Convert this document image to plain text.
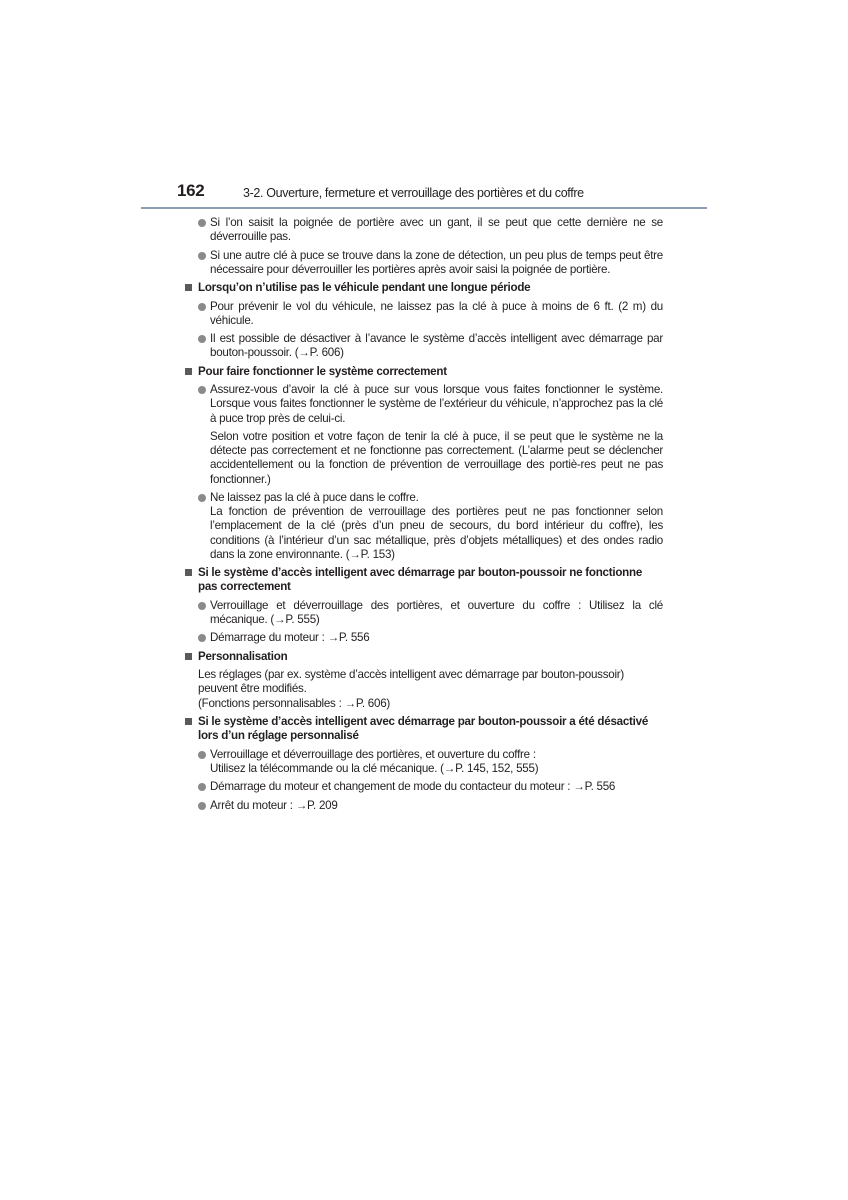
162	3-2. Ouverture, fermeture et verrouillage des portières et du coffre
Si l’on saisit la poignée de portière avec un gant, il se peut que cette dernière ne se déverrouille pas.
Si une autre clé à puce se trouve dans la zone de détection, un peu plus de temps peut être nécessaire pour déverrouiller les portières après avoir saisi la poignée de portière.
Lorsqu’on n’utilise pas le véhicule pendant une longue période
Pour prévenir le vol du véhicule, ne laissez pas la clé à puce à moins de 6 ft. (2 m) du véhicule.
Il est possible de désactiver à l’avance le système d’accès intelligent avec démarrage par bouton-poussoir. (→P. 606)
Pour faire fonctionner le système correctement
Assurez-vous d’avoir la clé à puce sur vous lorsque vous faites fonctionner le système. Lorsque vous faites fonctionner le système de l’extérieur du véhicule, n’approchez pas la clé à puce trop près de celui-ci.
Selon votre position et votre façon de tenir la clé à puce, il se peut que le système ne la détecte pas correctement et ne fonctionne pas correctement. (L’alarme peut se déclencher accidentellement ou la fonction de prévention de verrouillage des portiè-res peut ne pas fonctionner.)
Ne laissez pas la clé à puce dans le coffre.
La fonction de prévention de verrouillage des portières peut ne pas fonctionner selon l’emplacement de la clé (près d’un pneu de secours, du bord intérieur du coffre), les conditions (à l’intérieur d’un sac métallique, près d’objets métalliques) et des ondes radio dans la zone environnante. (→P. 153)
Si le système d’accès intelligent avec démarrage par bouton-poussoir ne fonctionne pas correctement
Verrouillage et déverrouillage des portières, et ouverture du coffre : Utilisez la clé mécanique. (→P. 555)
Démarrage du moteur : →P. 556
Personnalisation
Les réglages (par ex. système d’accès intelligent avec démarrage par bouton-poussoir) peuvent être modifiés.
(Fonctions personnalisables : →P. 606)
Si le système d’accès intelligent avec démarrage par bouton-poussoir a été désactivé lors d’un réglage personnalisé
Verrouillage et déverrouillage des portières, et ouverture du coffre :
Utilisez la télécommande ou la clé mécanique. (→P. 145, 152, 555)
Démarrage du moteur et changement de mode du contacteur du moteur : →P. 556
Arrêt du moteur : →P. 209
